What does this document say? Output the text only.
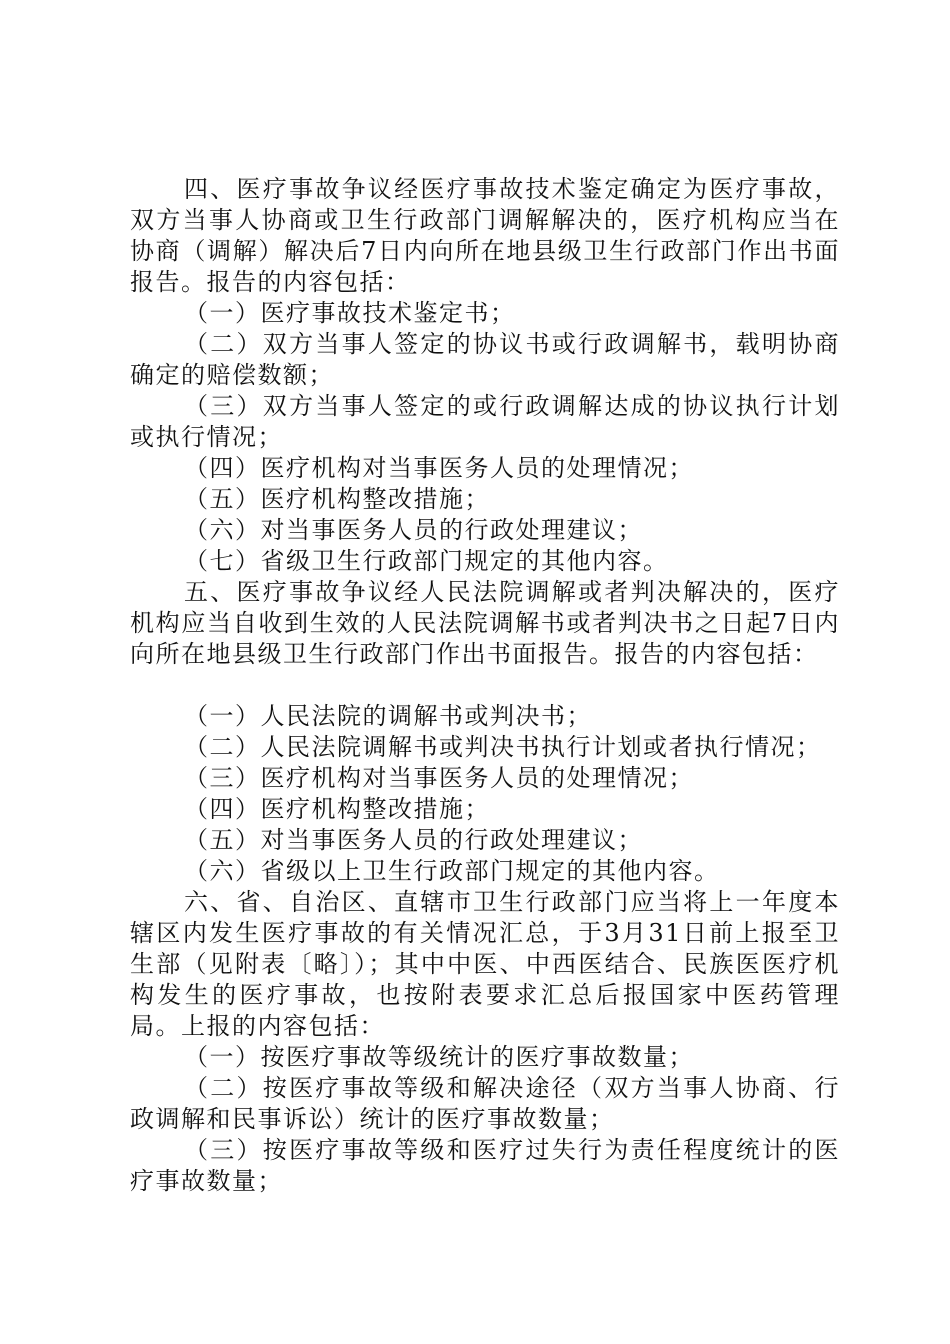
四、医疗事故争议经医疗事故技术鉴定确定为医疗事故，双方当事人协商或卫生行政部门调解解决的，医疗机构应当在协商（调解）解决后7日内向所在地县级卫生行政部门作出书面报告。报告的内容包括：

（一）医疗事故技术鉴定书；

（二）双方当事人签定的协议书或行政调解书，载明协商确定的赔偿数额；

（三）双方当事人签定的或行政调解达成的协议执行计划或执行情况；

（四）医疗机构对当事医务人员的处理情况；

（五）医疗机构整改措施；

（六）对当事医务人员的行政处理建议；

（七）省级卫生行政部门规定的其他内容。

五、医疗事故争议经人民法院调解或者判决解决的，医疗机构应当自收到生效的人民法院调解书或者判决书之日起7日内向所在地县级卫生行政部门作出书面报告。报告的内容包括：

（一）人民法院的调解书或判决书；

（二）人民法院调解书或判决书执行计划或者执行情况；

（三）医疗机构对当事医务人员的处理情况；

（四）医疗机构整改措施；

（五）对当事医务人员的行政处理建议；

（六）省级以上卫生行政部门规定的其他内容。

六、省、自治区、直辖市卫生行政部门应当将上一年度本辖区内发生医疗事故的有关情况汇总，于3月31日前上报至卫生部（见附表〔略〕）；其中中医、中西医结合、民族医医疗机构发生的医疗事故，也按附表要求汇总后报国家中医药管理局。上报的内容包括：

（一）按医疗事故等级统计的医疗事故数量；

（二）按医疗事故等级和解决途径（双方当事人协商、行政调解和民事诉讼）统计的医疗事故数量；

（三）按医疗事故等级和医疗过失行为责任程度统计的医疗事故数量；
